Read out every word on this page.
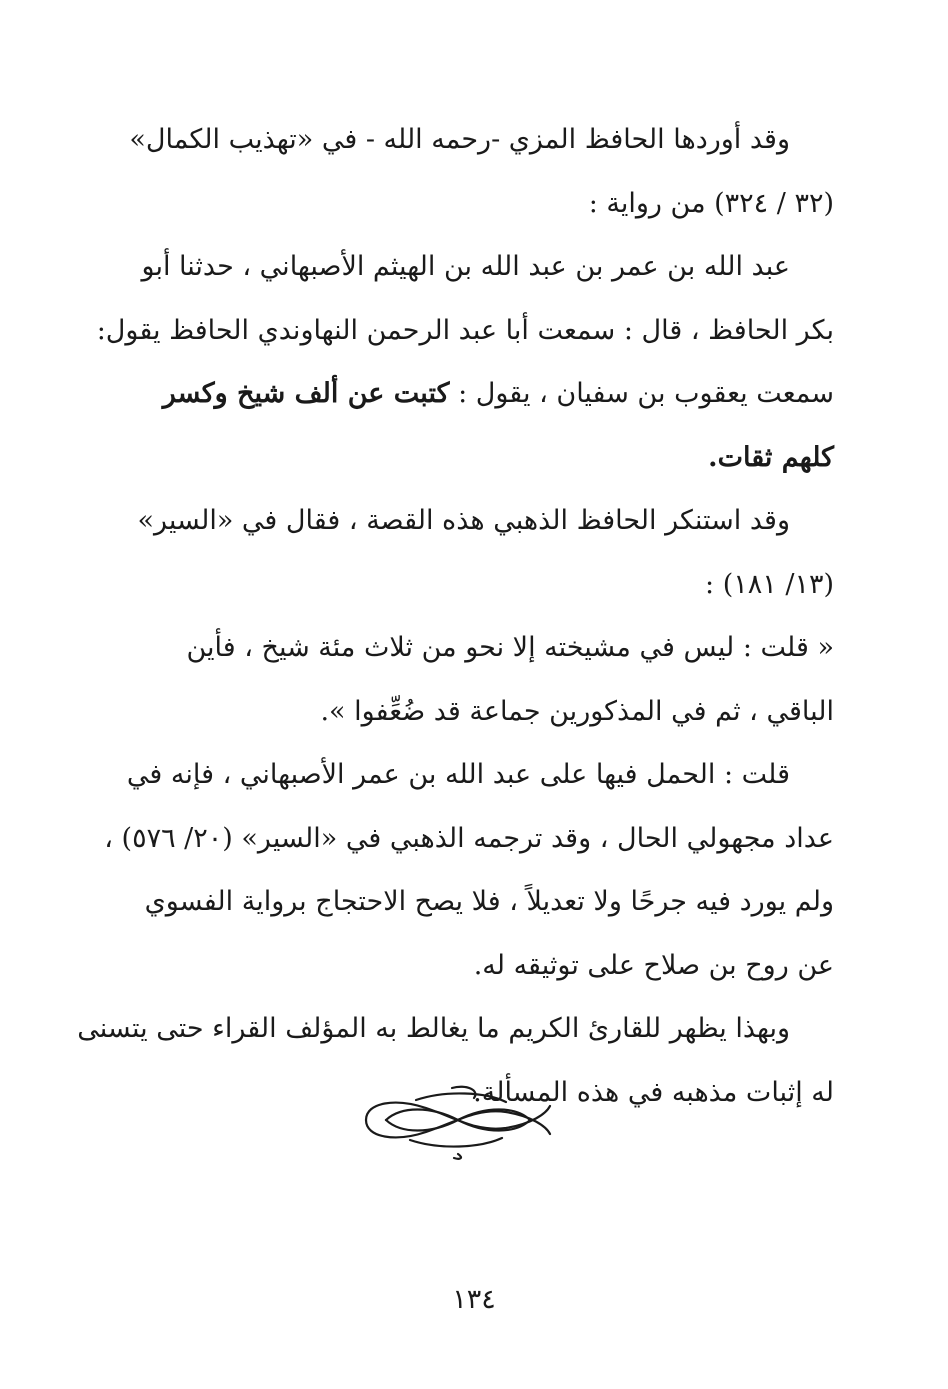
وقد أوردها الحافظ المزي -رحمه الله - في «تهذيب الكمال»
(٣٢ / ٣٢٤) من رواية :

عبد الله بن عمر بن عبد الله بن الهيثم الأصبهاني ، حدثنا أبو
بكر الحافظ ، قال : سمعت أبا عبد الرحمن النهاوندي الحافظ يقول:
سمعت يعقوب بن سفيان ، يقول : كتبت عن ألف شيخ وكسر
كلهم ثقات.

وقد استنكر الحافظ الذهبي هذه القصة ، فقال في «السير»
(١٣/ ١٨١) :

« قلت : ليس في مشيخته إلا نحو من ثلاث مئة شيخ ، فأين
الباقي ، ثم في المذكورين جماعة قد ضُعِّفوا ».

قلت : الحمل فيها على عبد الله بن عمر الأصبهاني ، فإنه في
عداد مجهولي الحال ، وقد ترجمه الذهبي في «السير» (٢٠/ ٥٧٦) ،
ولم يورد فيه جرحًا ولا تعديلاً ، فلا يصح الاحتجاج برواية الفسوي
عن روح بن صلاح على توثيقه له.

وبهذا يظهر للقارئ الكريم ما يغالط به المؤلف القراء حتى يتسنى
له إثبات مذهبه في هذه المسألة.

١٣٤
